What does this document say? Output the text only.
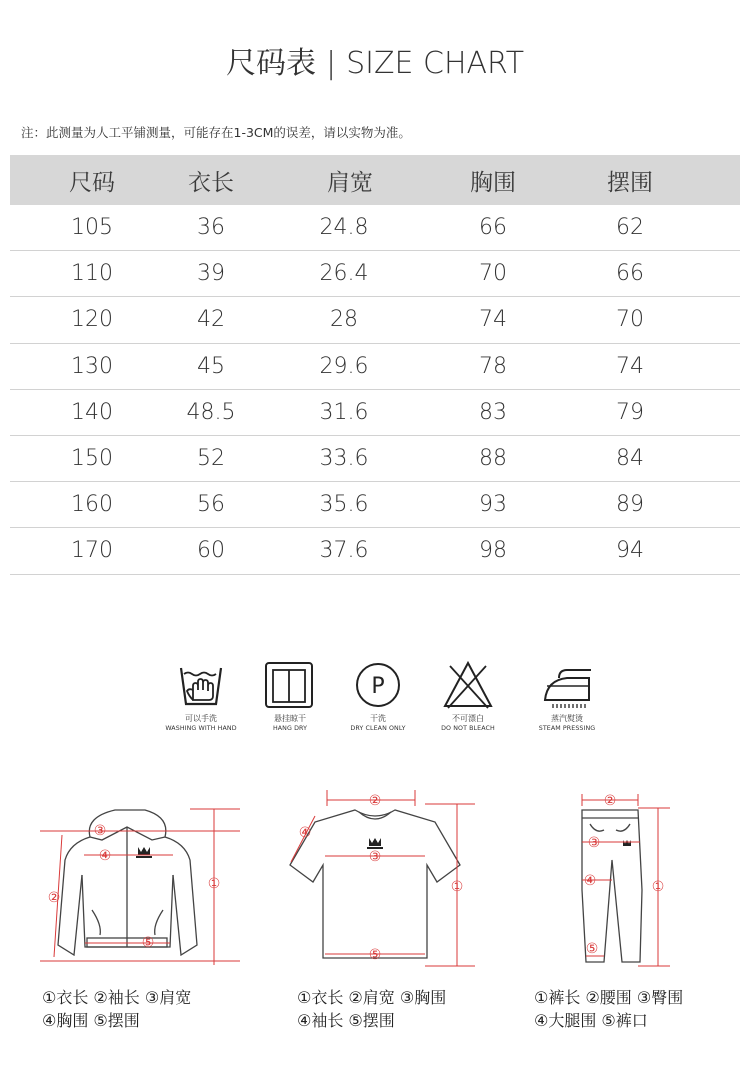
尺码表 | SIZE CHART
注：此测量为人工平铺测量，可能存在1-3CM的误差，请以实物为准。
尺码	衣长	肩宽	胸围	摆围
105	36	24.8	66	62
110	39	26.4	70	66
120	42	28	74	70
130	45	29.6	78	74
140	48.5	31.6	83	79
150	52	33.6	88	84
160	56	35.6	93	89
170	60	37.6	98	94
可以手洗
WASHING WITH HAND
悬挂晾干
HANG DRY
P
干洗
DRY CLEAN ONLY
不可漂白
DO NOT BLEACH
蒸汽熨烫
STEAM PRESSING
③
④
②
①
⑤
②
④
③
①
⑤
②
③
④	①
⑤
①衣长 ②袖长 ③肩宽
④胸围 ⑤摆围
①衣长 ②肩宽 ③胸围
④袖长 ⑤摆围
①裤长 ②腰围 ③臀围
④大腿围 ⑤裤口
